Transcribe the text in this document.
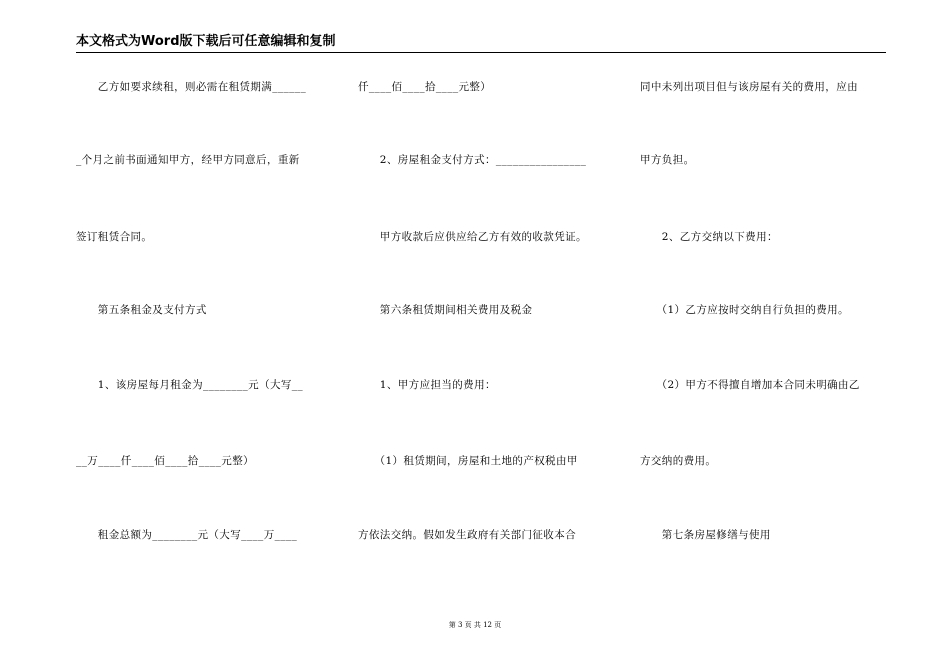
本文格式为Word版下载后可任意编辑和复制
　　乙方如要求续租，则必需在租赁期满______
_个月之前书面通知甲方，经甲方同意后，重新
签订租赁合同。
　　第五条租金及支付方式
　　1、该房屋每月租金为________元（大写__
__万____仟____佰____拾____元整）
　　租金总额为________元（大写____万____
仟____佰____拾____元整）
　　2、房屋租金支付方式：________________
　　甲方收款后应供应给乙方有效的收款凭证。
　　第六条租赁期间相关费用及税金
　　1、甲方应担当的费用：
　　（1）租赁期间，房屋和土地的产权税由甲
方依法交纳。假如发生政府有关部门征收本合
同中未列出项目但与该房屋有关的费用，应由
甲方负担。
　　2、乙方交纳以下费用：
　　（1）乙方应按时交纳自行负担的费用。
　　（2）甲方不得擅自增加本合同未明确由乙
方交纳的费用。
　　第七条房屋修缮与使用
第 3 页 共 12 页
